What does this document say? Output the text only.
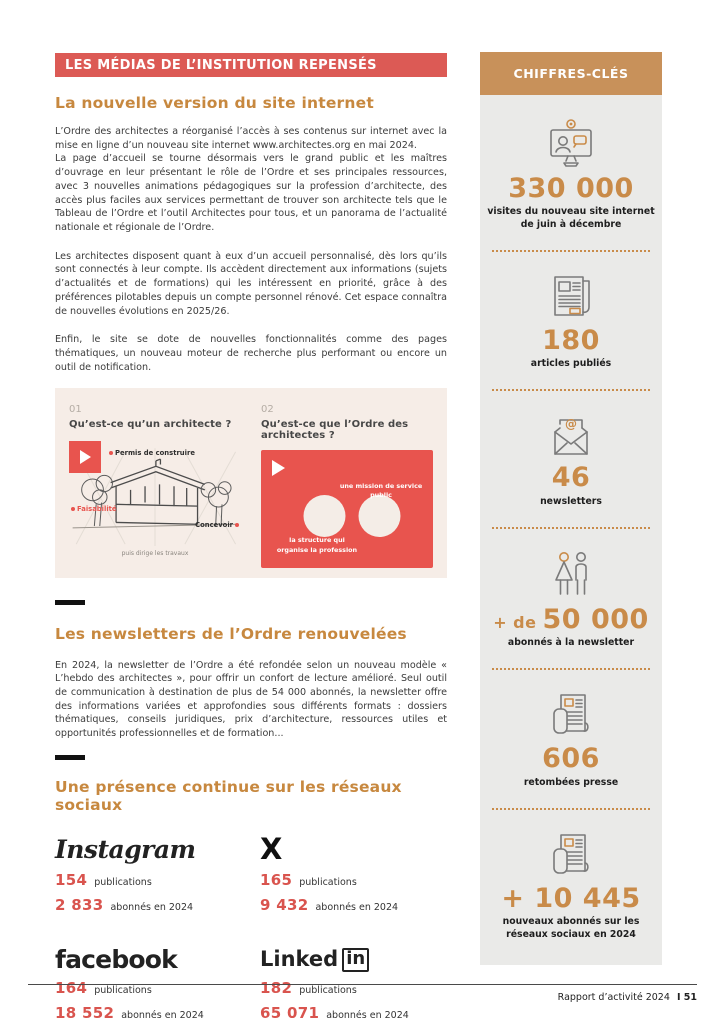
LES MÉDIAS DE L’INSTITUTION REPENSÉS
La nouvelle version du site internet
L’Ordre des architectes a réorganisé l’accès à ses contenus sur internet avec la mise en ligne d’un nouveau site internet www.architectes.org en mai 2024.
La page d’accueil se tourne désormais vers le grand public et les maîtres d’ouvrage en leur présentant le rôle de l’Ordre et ses principales ressources, avec 3 nouvelles animations pédagogiques sur la profession d’architecte, des accès plus faciles aux services permettant de trouver son architecte tels que le Tableau de l’Ordre et l’outil Architectes pour tous, et un panorama de l’actualité nationale et régionale de l’Ordre.
Les architectes disposent quant à eux d’un accueil personnalisé, dès lors qu’ils sont connectés à leur compte. Ils accèdent directement aux informations (sujets d’actualités et de formations) qui les intéressent en priorité, grâce à des préférences pilotables depuis un compte personnel rénové. Cet espace connaîtra de nouvelles évolutions en 2025/26.
Enfin, le site se dote de nouvelles fonctionnalités comme des pages thématiques, un nouveau moteur de recherche plus performant ou encore un outil de notification.
01
Qu’est-ce qu’un architecte ?
Permis de construire
Faisabilité
Concevoir
puis dirige les travaux
02
Qu’est-ce que l’Ordre des architectes ?
une mission de service public
la structure qui organise la profession
Les newsletters de l’Ordre renouvelées
En 2024, la newsletter de l’Ordre a été refondée selon un nouveau modèle « L’hebdo des architectes », pour offrir un confort de lecture amélioré. Seul outil de communication à destination de plus de 54 000 abonnés, la newsletter offre des informations variées et approfondies sous différents formats : dossiers thématiques, conseils juridiques, prix d’architecture, ressources utiles et opportunités professionnelles et de formation...
Une présence continue sur les réseaux sociaux
Instagram
154 publications
2 833 abonnés en 2024
X
165 publications
9 432 abonnés en 2024
facebook
164 publications
18 552 abonnés en 2024
Linked in
182 publications
65 071 abonnés en 2024
CHIFFRES-CLÉS
330 000
visites du nouveau site internet de juin à décembre
180
articles publiés
@
46
newsletters
+ de 50 000
abonnés à la newsletter
606
retombées presse
+ 10 445
nouveaux abonnés sur les réseaux sociaux en 2024
Rapport d’activité 2024 I 51
